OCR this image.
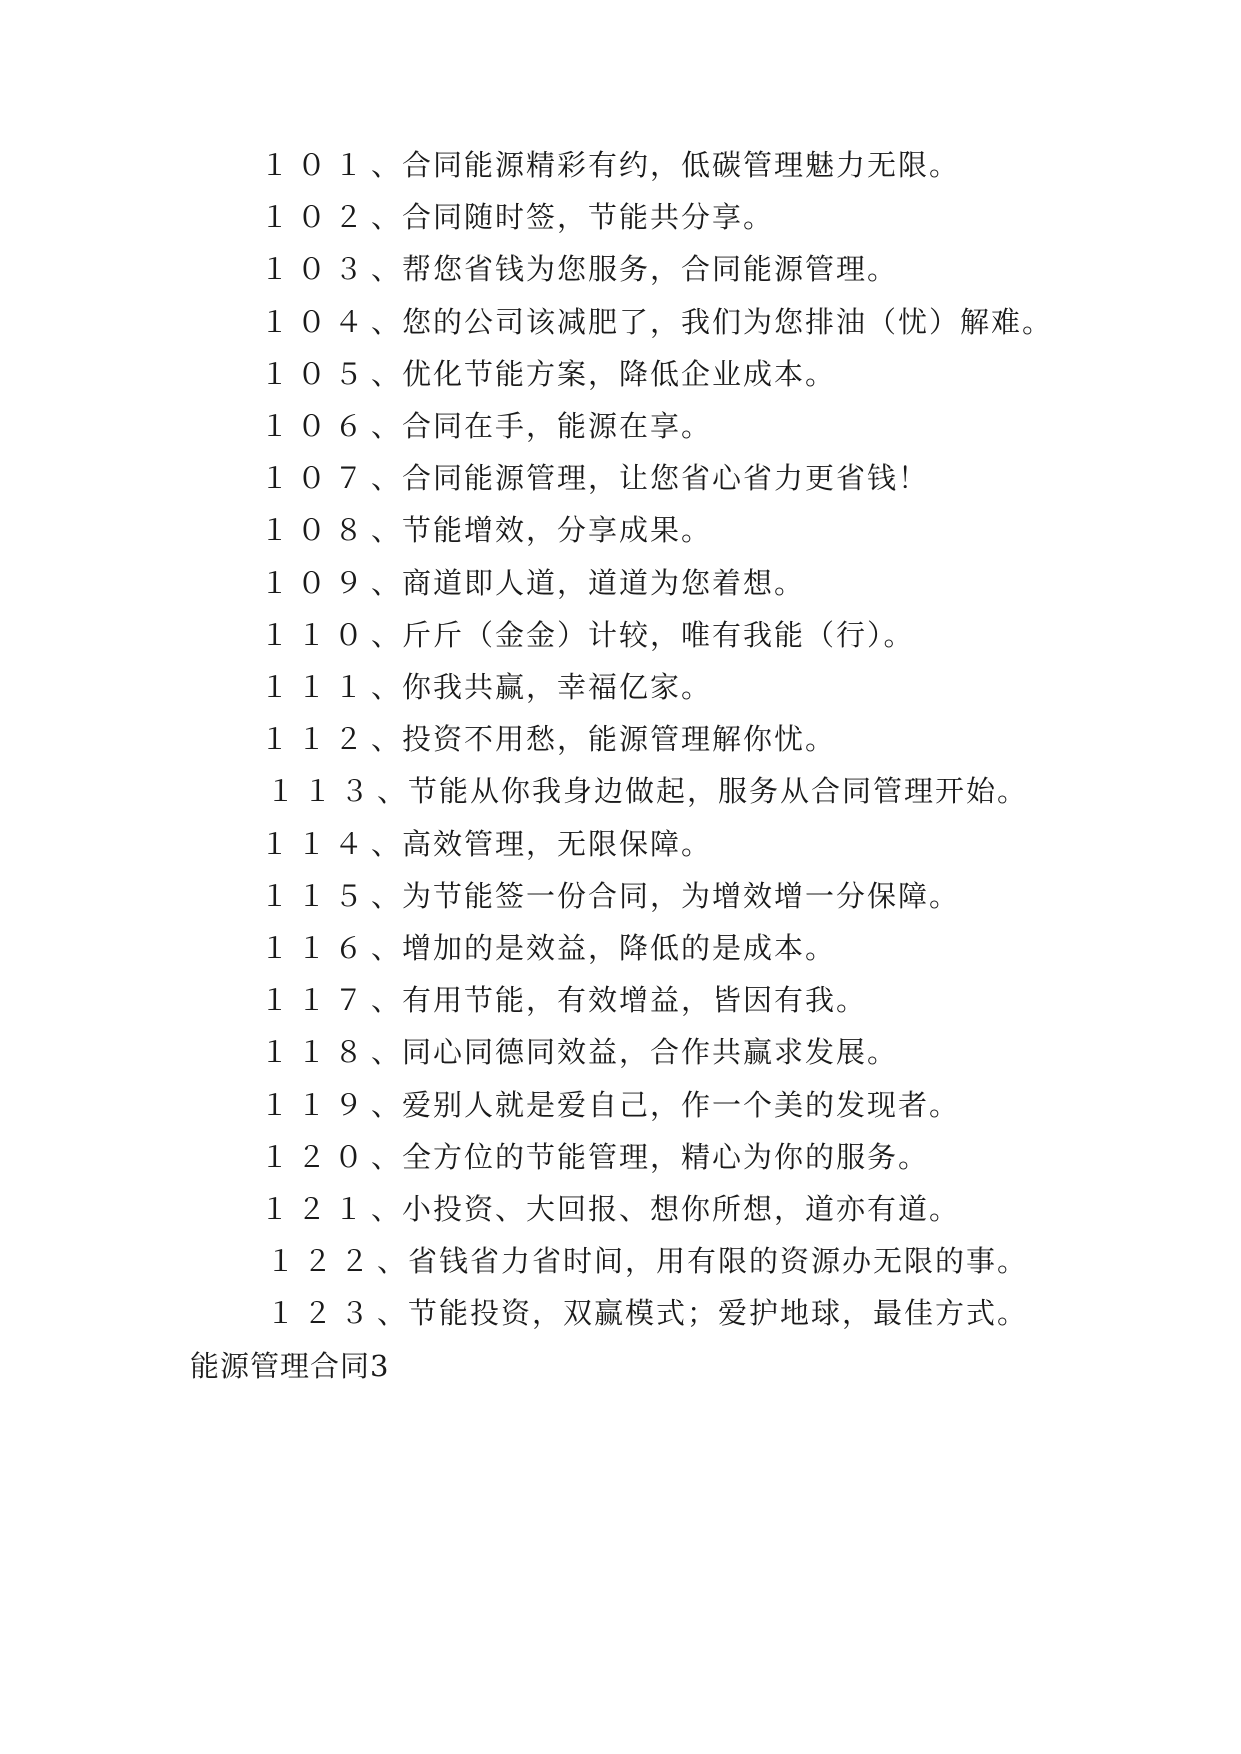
１０１、合同能源精彩有约，低碳管理魅力无限。
１０２、合同随时签，节能共分享。
１０３、帮您省钱为您服务，合同能源管理。
１０４、您的公司该减肥了，我们为您排油（忧）解难。
１０５、优化节能方案，降低企业成本。
１０６、合同在手，能源在享。
１０７、合同能源管理，让您省心省力更省钱！
１０８、节能增效，分享成果。
１０９、商道即人道，道道为您着想。
１１０、斤斤（金金）计较，唯有我能（行）。
１１１、你我共赢，幸福亿家。
１１２、投资不用愁，能源管理解你忧。
１１３、节能从你我身边做起，服务从合同管理开始。
１１４、高效管理，无限保障。
１１５、为节能签一份合同，为增效增一分保障。
１１６、增加的是效益，降低的是成本。
１１７、有用节能，有效增益，皆因有我。
１１８、同心同德同效益，合作共赢求发展。
１１９、爱别人就是爱自己，作一个美的发现者。
１２０、全方位的节能管理，精心为你的服务。
１２１、小投资、大回报、想你所想，道亦有道。
１２２、省钱省力省时间，用有限的资源办无限的事。
１２３、节能投资，双赢模式；爱护地球，最佳方式。
能源管理合同3
